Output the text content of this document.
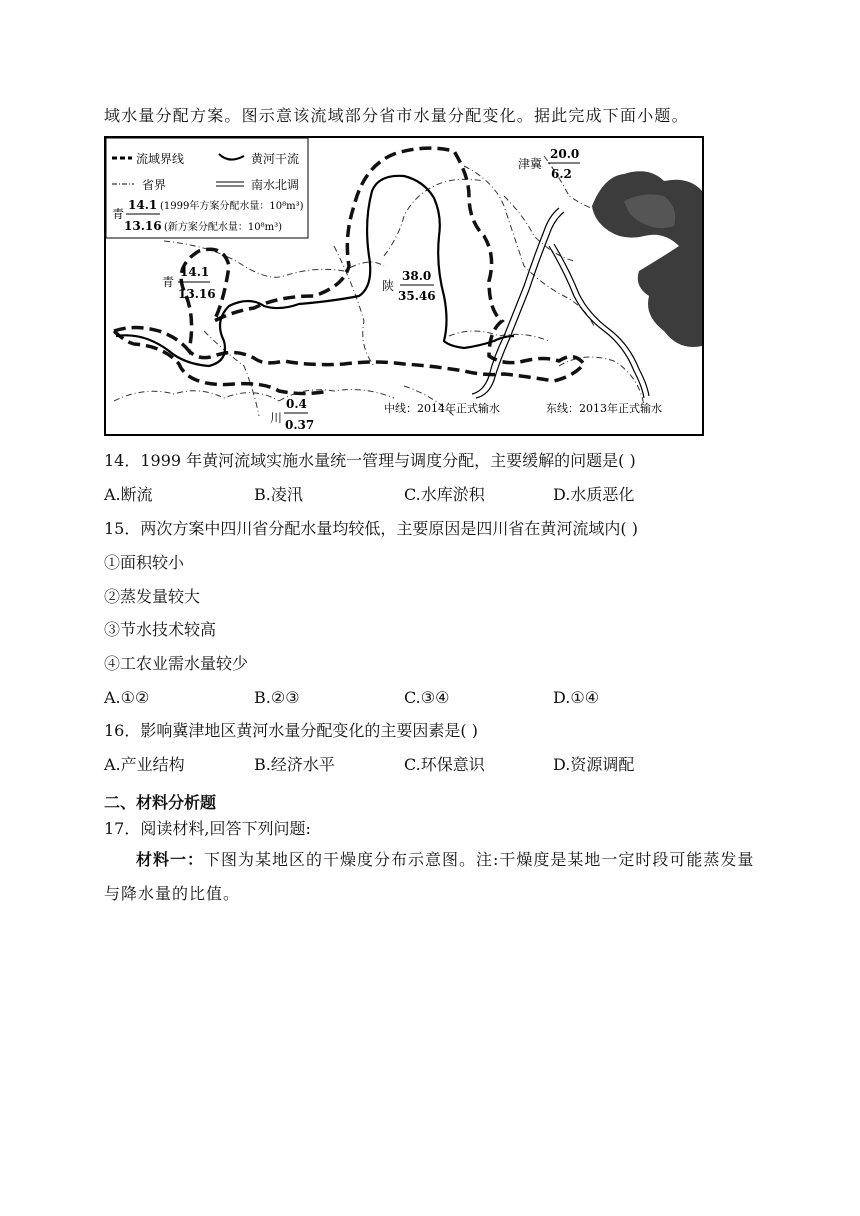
域水量分配方案。图示意该流域部分省市水量分配变化。据此完成下面小题。
流域界线	黄河干流
省界	南水北调
青
14.1
13.16
(1999年方案分配水量：10⁸m³)
(新方案分配水量：10⁸m³)
青
14.1
13.16
陕
38.0
35.46
津冀
20.0
6.2
川
0.4
0.37
中线：2014年正式输水	东线：2013年正式输水
14．1999 年黄河流域实施水量统一管理与调度分配，主要缓解的问题是( )
A.断流	B.凌汛	C.水库淤积	D.水质恶化
15．两次方案中四川省分配水量均较低，主要原因是四川省在黄河流域内( )
①面积较小
②蒸发量较大
③节水技术较高
④工农业需水量较少
A.①②	B.②③	C.③④	D.①④
16．影响冀津地区黄河水量分配变化的主要因素是( )
A.产业结构	B.经济水平	C.环保意识	D.资源调配
二、材料分析题
17．阅读材料,回答下列问题:
材料一：下图为某地区的干燥度分布示意图。注:干燥度是某地一定时段可能蒸发量与降水量的比值。
